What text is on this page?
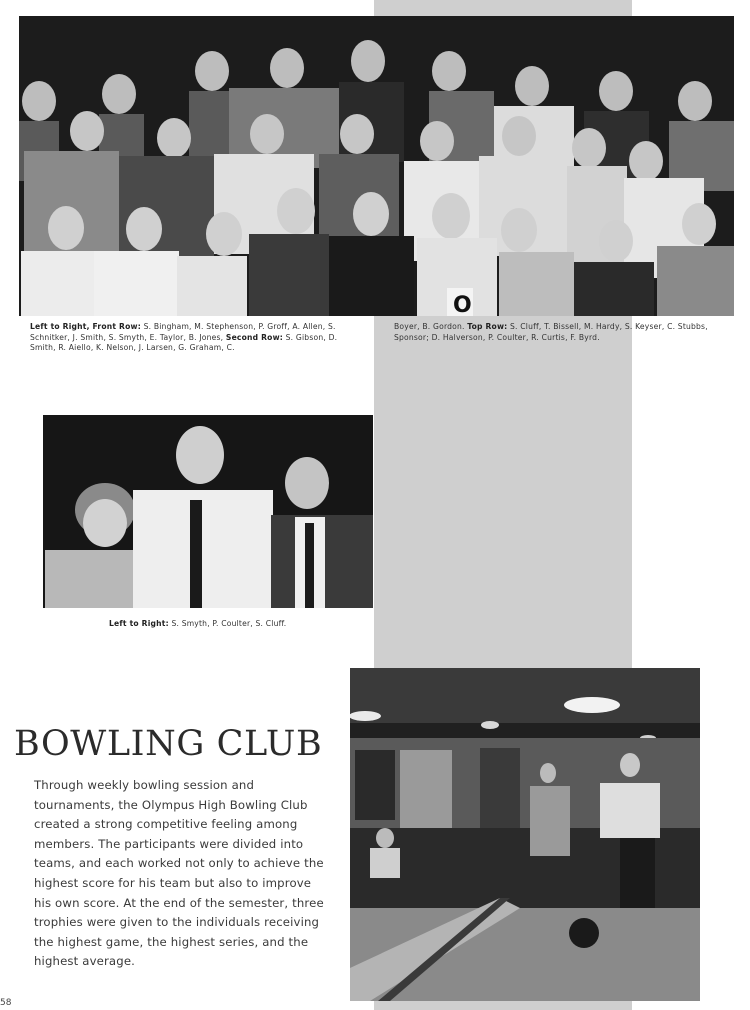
O
Left to Right, Front Row: S. Bingham, M. Stephenson, P. Groff, A. Allen, S. Schnitker, J. Smith, S. Smyth, E. Taylor, B. Jones, Second Row: S. Gibson, D. Smith, R. Aiello, K. Nelson, J. Larsen, G. Graham, C.
Boyer, B. Gordon. Top Row: S. Cluff, T. Bissell, M. Hardy, S. Keyser, C. Stubbs, Sponsor; D. Halverson, P. Coulter, R. Curtis, F. Byrd.
Left to Right: S. Smyth, P. Coulter, S. Cluff.
BOWLING CLUB
Through weekly bowling session and tournaments, the Olympus High Bowling Club created a strong competitive feeling among members. The participants were divided into teams, and each worked not only to achieve the highest score for his team but also to improve his own score. At the end of the semester, three trophies were given to the individuals receiving the highest game, the highest series, and the highest average.
58
